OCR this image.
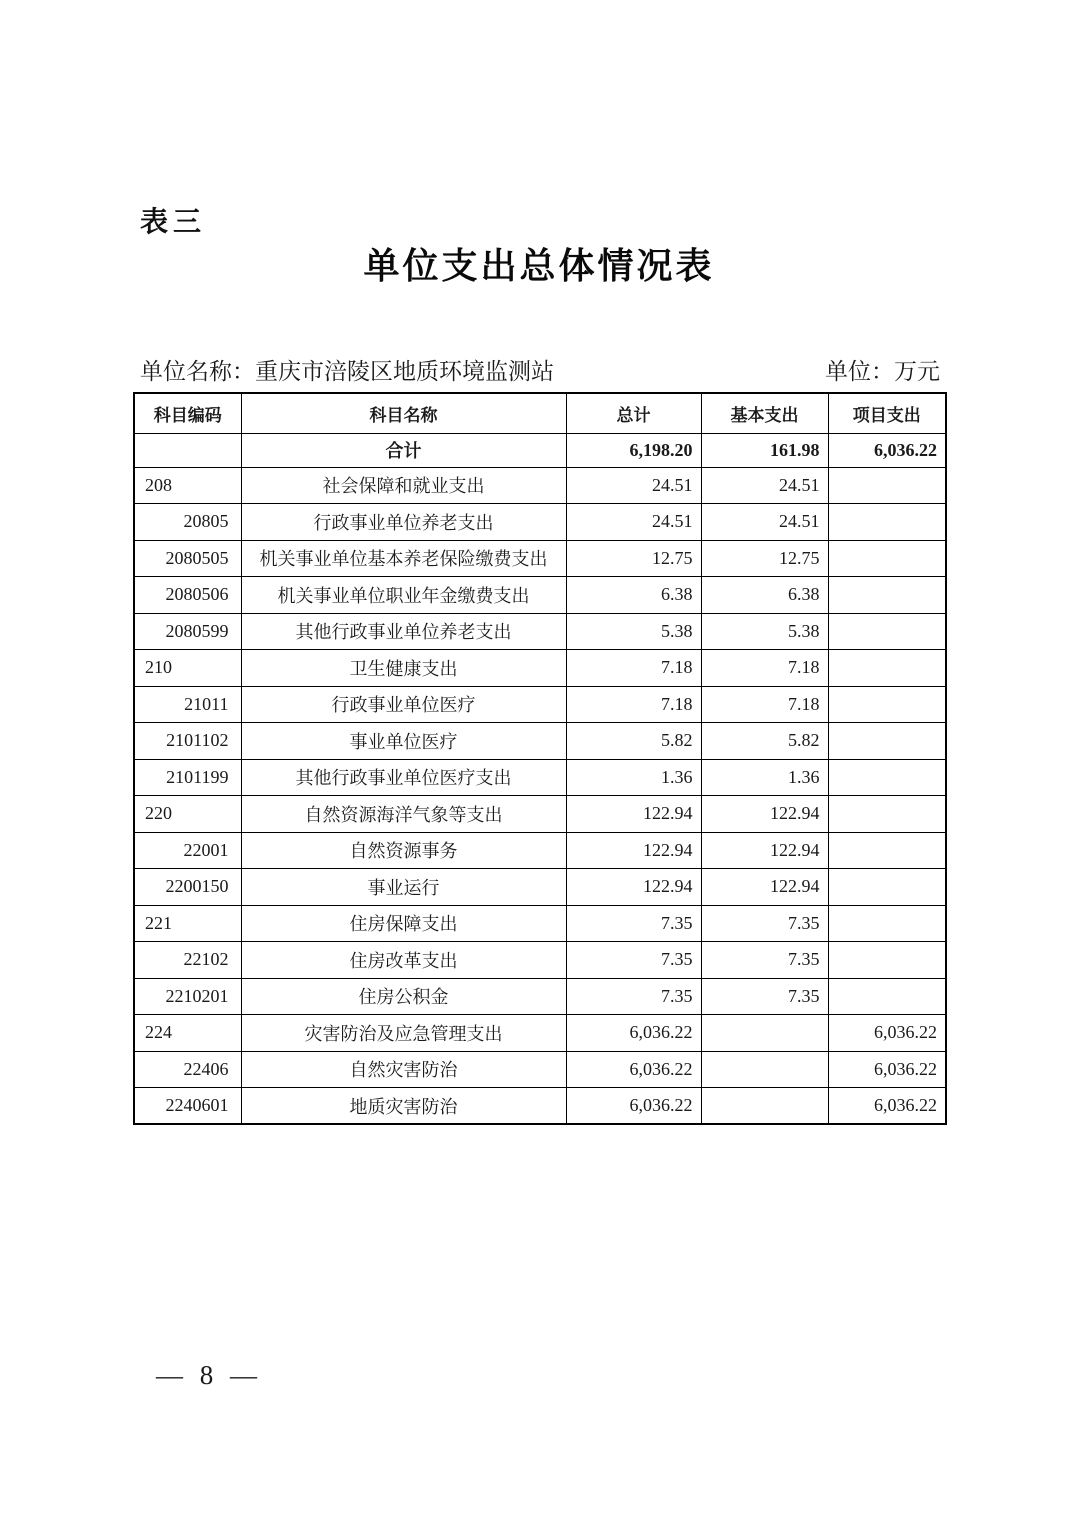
表三
单位支出总体情况表
单位名称：重庆市涪陵区地质环境监测站	单位：万元
科目编码	科目名称	总计	基本支出	项目支出
	合计	6,198.20	161.98	6,036.22
208	社会保障和就业支出	24.51	24.51	
20805	行政事业单位养老支出	24.51	24.51	
2080505	机关事业单位基本养老保险缴费支出	12.75	12.75	
2080506	机关事业单位职业年金缴费支出	6.38	6.38	
2080599	其他行政事业单位养老支出	5.38	5.38	
210	卫生健康支出	7.18	7.18	
21011	行政事业单位医疗	7.18	7.18	
2101102	事业单位医疗	5.82	5.82	
2101199	其他行政事业单位医疗支出	1.36	1.36	
220	自然资源海洋气象等支出	122.94	122.94	
22001	自然资源事务	122.94	122.94	
2200150	事业运行	122.94	122.94	
221	住房保障支出	7.35	7.35	
22102	住房改革支出	7.35	7.35	
2210201	住房公积金	7.35	7.35	
224	灾害防治及应急管理支出	6,036.22		6,036.22
22406	自然灾害防治	6,036.22		6,036.22
2240601	地质灾害防治	6,036.22		6,036.22
— 8 —
